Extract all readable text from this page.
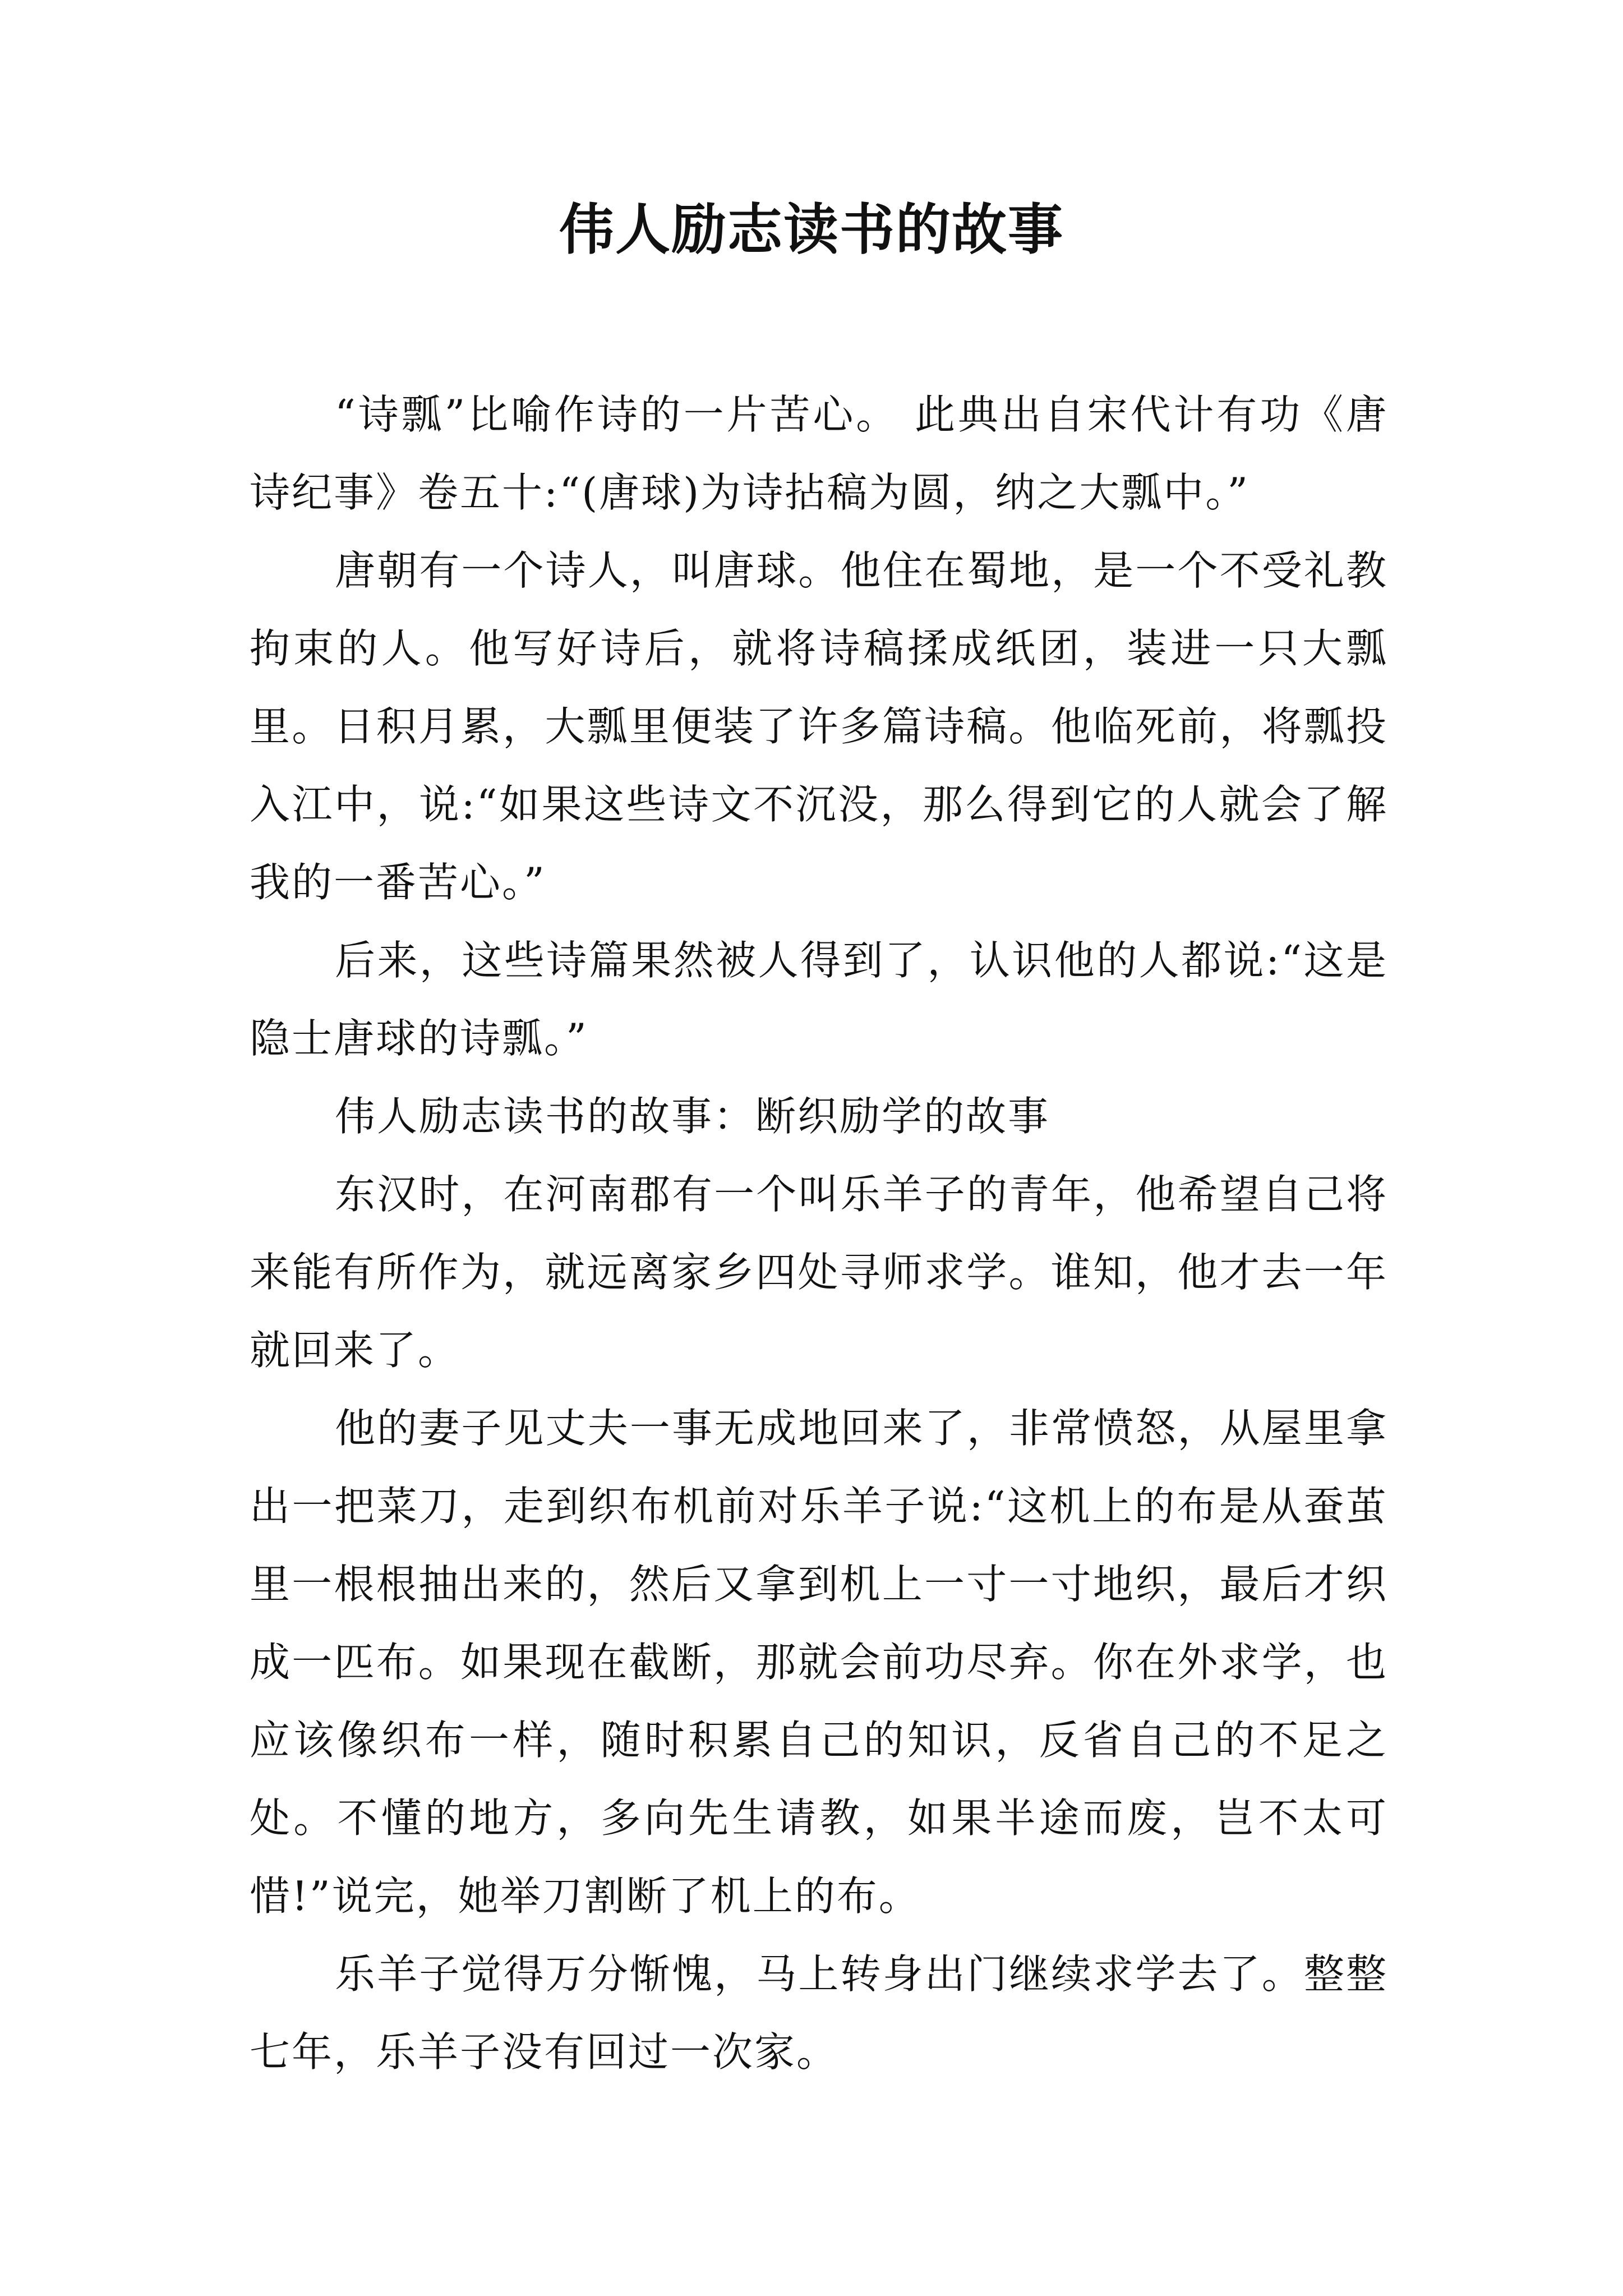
伟人励志读书的故事

“诗瓢”比喻作诗的一片苦心。 此典出自宋代计有功《唐诗纪事》卷五十:“(唐球)为诗拈稿为圆，纳之大瓢中。”

唐朝有一个诗人，叫唐球。他住在蜀地，是一个不受礼教拘束的人。他写好诗后，就将诗稿揉成纸团，装进一只大瓢里。日积月累，大瓢里便装了许多篇诗稿。他临死前，将瓢投入江中，说:“如果这些诗文不沉没，那么得到它的人就会了解我的一番苦心。”

后来，这些诗篇果然被人得到了，认识他的人都说:“这是隐士唐球的诗瓢。”

伟人励志读书的故事：断织励学的故事

东汉时，在河南郡有一个叫乐羊子的青年，他希望自己将来能有所作为，就远离家乡四处寻师求学。谁知，他才去一年就回来了。

他的妻子见丈夫一事无成地回来了，非常愤怒，从屋里拿出一把菜刀，走到织布机前对乐羊子说:“这机上的布是从蚕茧里一根根抽出来的，然后又拿到机上一寸一寸地织，最后才织成一匹布。如果现在截断，那就会前功尽弃。你在外求学，也应该像织布一样，随时积累自己的知识，反省自己的不足之处。不懂的地方，多向先生请教，如果半途而废，岂不太可惜!”说完，她举刀割断了机上的布。

乐羊子觉得万分惭愧，马上转身出门继续求学去了。整整七年，乐羊子没有回过一次家。
